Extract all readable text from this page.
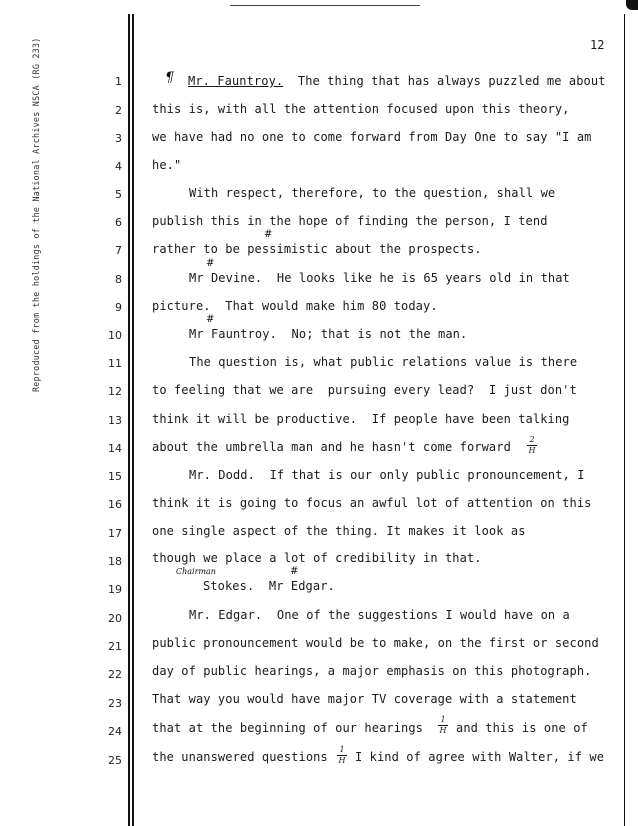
Reproduced from the holdings of the National Archives NSCA (RG 233)	12
1
2
3
4
5
6
7
8
9
10
11
12
13
14
15
16
17
18
19
20
21
22
23
24
25
¶ Mr. Fauntroy.  The thing that has always puzzled me about
this is, with all the attention focused upon this theory,
we have had no one to come forward from Day One to say "I am
he."
With respect, therefore, to the question, shall we
publish this in the hope of finding the person, I tend
rather to be pessimistic about the prospects.
#
Mr Devine.  He looks like he is 65 years old in that
#
picture.  That would make him 80 today.
Mr Fauntroy.  No; that is not the man.
#
The question is, what public relations value is there
to feeling that we are  pursuing every lead?  I just don't
think it will be productive.  If people have been talking
about the umbrella man and he hasn't come forward
2
H
Mr. Dodd.  If that is our only public pronouncement, I
think it is going to focus an awful lot of attention on this
one single aspect of the thing. It makes it look as
though we place a lot of credibility in that.
Chairman
Stokes.  Mr Edgar.
#
Mr. Edgar.  One of the suggestions I would have on a
public pronouncement would be to make, on the first or second
day of public hearings, a major emphasis on this photograph.
That way you would have major TV coverage with a statement
that at the beginning of our hearings
1
H and this is one of
the unanswered questions
1
H I kind of agree with Walter, if we
